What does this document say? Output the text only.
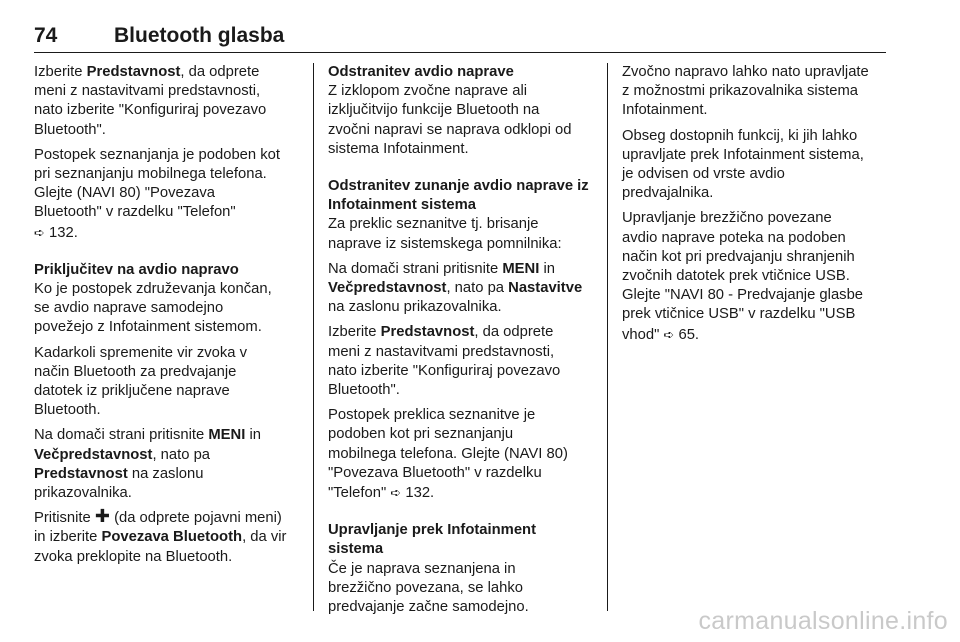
74	Bluetooth glasba

Izberite Predstavnost, da odprete
meni z nastavitvami predstavnosti,
nato izberite "Konfiguriraj povezavo
Bluetooth".

Postopek seznanjanja je podoben kot
pri seznanjanju mobilnega telefona.
Glejte (NAVI 80) "Povezava
Bluetooth" v razdelku "Telefon"
➪ 132.

Priključitev na avdio napravo

Ko je postopek združevanja končan,
se avdio naprave samodejno
povežejo z Infotainment sistemom.

Kadarkoli spremenite vir zvoka v
način Bluetooth za predvajanje
datotek iz priključene naprave
Bluetooth.

Na domači strani pritisnite MENI in
Večpredstavnost, nato pa
Predstavnost na zaslonu
prikazovalnika.

Pritisnite ✚ (da odprete pojavni meni)
in izberite Povezava Bluetooth, da vir
zvoka preklopite na Bluetooth.

Odstranitev avdio naprave

Z izklopom zvočne naprave ali
izključitvijo funkcije Bluetooth na
zvočni napravi se naprava odklopi od
sistema Infotainment.

Odstranitev zunanje avdio naprave iz
Infotainment sistema

Za preklic seznanitve tj. brisanje
naprave iz sistemskega pomnilnika:

Na domači strani pritisnite MENI in
Večpredstavnost, nato pa Nastavitve
na zaslonu prikazovalnika.

Izberite Predstavnost, da odprete
meni z nastavitvami predstavnosti,
nato izberite "Konfiguriraj povezavo
Bluetooth".

Postopek preklica seznanitve je
podoben kot pri seznanjanju
mobilnega telefona. Glejte (NAVI 80)
"Povezava Bluetooth" v razdelku
"Telefon" ➪ 132.

Upravljanje prek Infotainment
sistema

Če je naprava seznanjena in
brezžično povezana, se lahko
predvajanje začne samodejno.

Zvočno napravo lahko nato upravljate
z možnostmi prikazovalnika sistema
Infotainment.

Obseg dostopnih funkcij, ki jih lahko
upravljate prek Infotainment sistema,
je odvisen od vrste avdio
predvajalnika.

Upravljanje brezžično povezane
avdio naprave poteka na podoben
način kot pri predvajanju shranjenih
zvočnih datotek prek vtičnice USB.
Glejte "NAVI 80 - Predvajanje glasbe
prek vtičnice USB" v razdelku "USB
vhod" ➪ 65.

carmanualsonline.info
